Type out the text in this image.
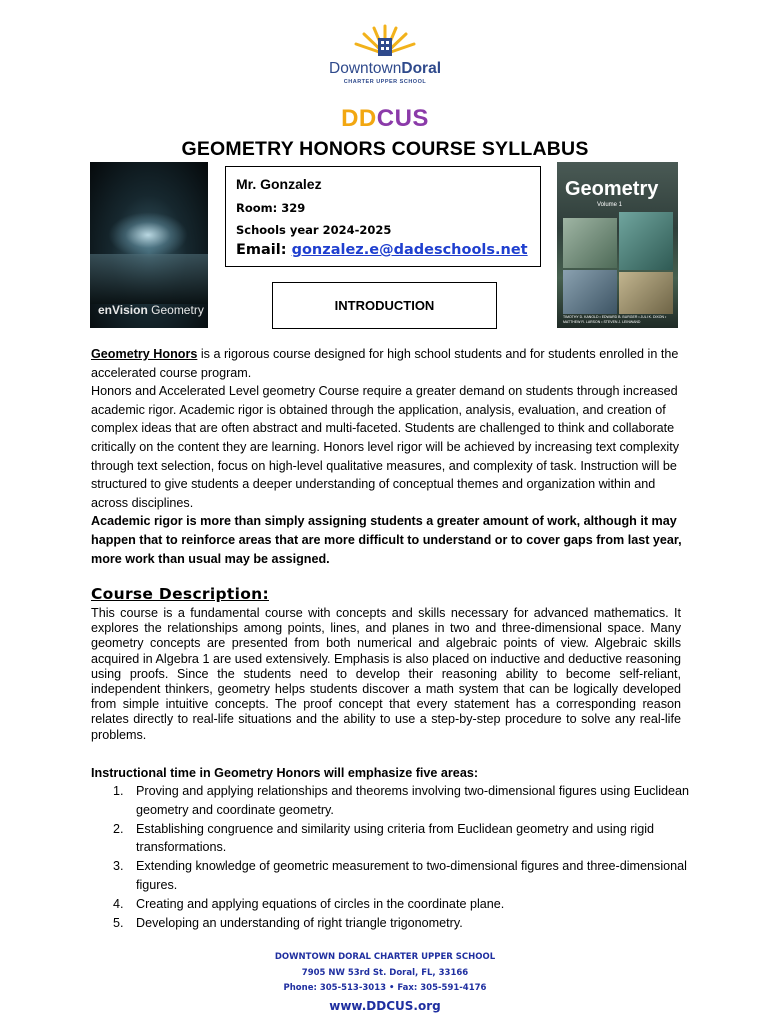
DowntownDoral
CHARTER UPPER SCHOOL
DDCUS
GEOMETRY HONORS COURSE SYLLABUS
enVision Geometry
Mr. Gonzalez
Room: 329
Schools year 2024-2025
Email: gonzalez.e@dadeschools.net
Geometry
Volume 1
TIMOTHY D. KANOLD • EDWARD B. BURGER • JULI K. DIXON • MATTHEW R. LARSON • STEVEN J. LEINWAND
INTRODUCTION
Geometry Honors is a rigorous course designed for high school students and for students enrolled in the accelerated course program.
Honors and Accelerated Level geometry Course require a greater demand on students through increased academic rigor. Academic rigor is obtained through the application, analysis, evaluation, and creation of complex ideas that are often abstract and multi-faceted. Students are challenged to think and collaborate critically on the content they are learning. Honors level rigor will be achieved by increasing text complexity through text selection, focus on high-level qualitative measures, and complexity of task. Instruction will be structured to give students a deeper understanding of conceptual themes and organization within and across disciplines.
Academic rigor is more than simply assigning students a greater amount of work, although it may happen that to reinforce areas that are more difficult to understand or to cover gaps from last year, more work than usual may be assigned.
Course Description:
This course is a fundamental course with concepts and skills necessary for advanced mathematics. It explores the relationships among points, lines, and planes in two and three-dimensional space. Many geometry concepts are presented from both numerical and algebraic points of view. Algebraic skills acquired in Algebra 1 are used extensively. Emphasis is also placed on inductive and deductive reasoning using proofs. Since the students need to develop their reasoning ability to become self-reliant, independent thinkers, geometry helps students discover a math system that can be logically developed from simple intuitive concepts. The proof concept that every statement has a corresponding reason relates directly to real-life situations and the ability to use a step-by-step procedure to solve any real-life problems.
Instructional time in Geometry Honors will emphasize five areas:
1. Proving and applying relationships and theorems involving two-dimensional figures using Euclidean geometry and coordinate geometry.
2. Establishing congruence and similarity using criteria from Euclidean geometry and using rigid transformations.
3. Extending knowledge of geometric measurement to two-dimensional figures and three-dimensional figures.
4. Creating and applying equations of circles in the coordinate plane.
5. Developing an understanding of right triangle trigonometry.
DOWNTOWN DORAL CHARTER UPPER SCHOOL
7905 NW 53rd St. Doral, FL, 33166
Phone: 305-513-3013 • Fax: 305-591-4176
www.DDCUS.org
